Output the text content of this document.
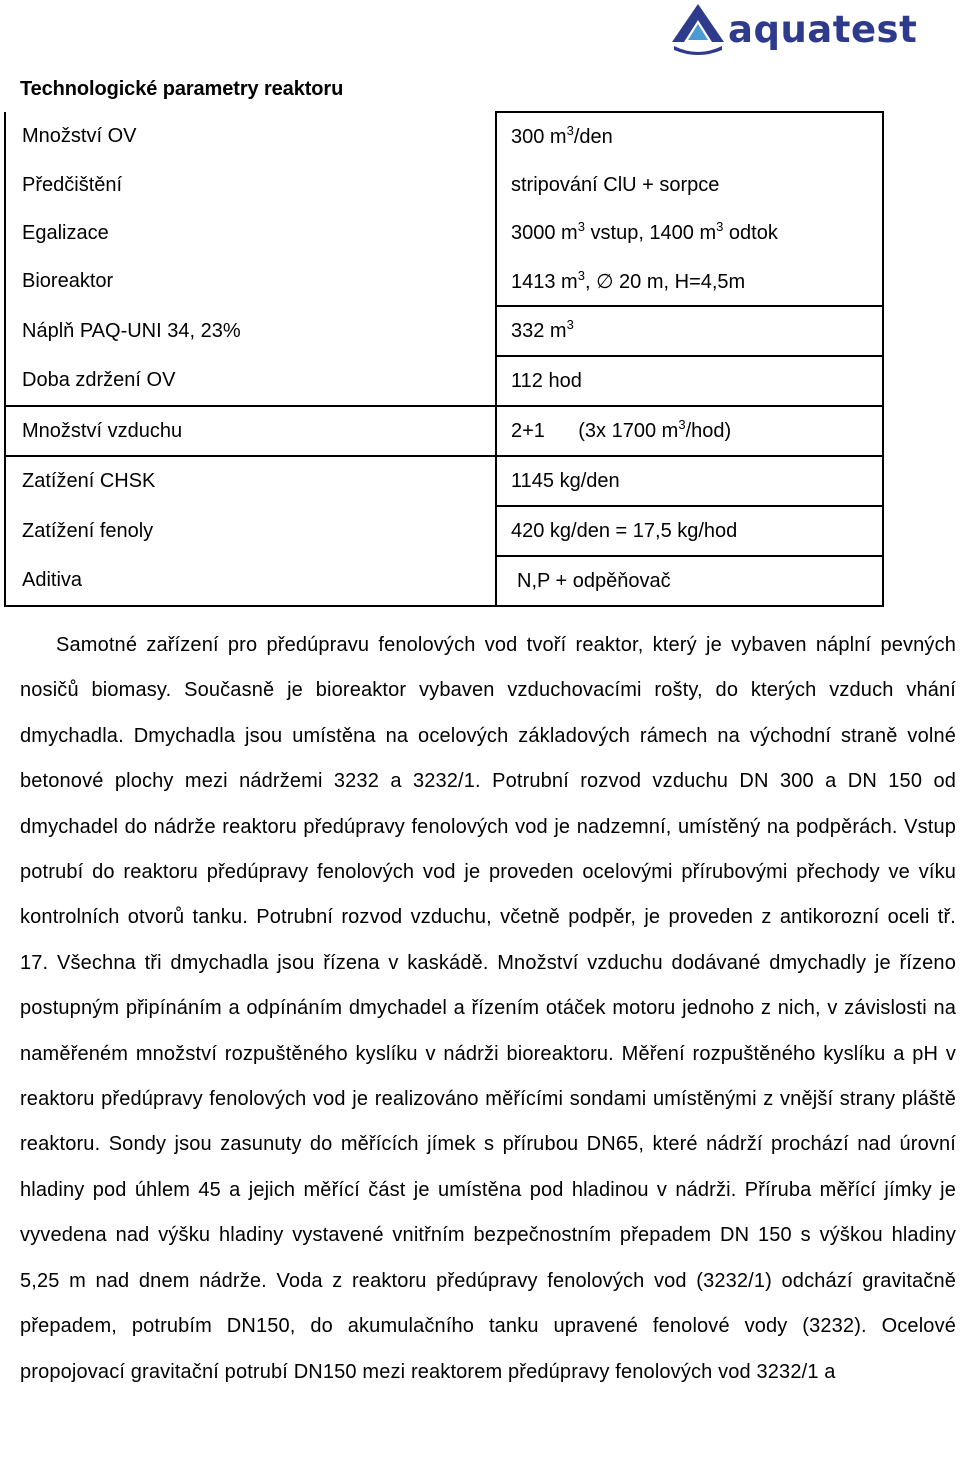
aquatest
Technologické parametry reaktoru
Množství OV	300 $m^3$/den
Předčištění	stripování ClU + sorpce
Egalizace	3000 $m^3$ vstup, 1400 $m^3$ odtok
Bioreaktor	1413 $m^3$, ∅ 20 m, H=4,5m
Náplň PAQ-UNI 34, 23%	332 $m^3$
Doba zdržení OV	112 hod
Množství vzduchu	2+1      (3x 1700 $m^3/hod$)
Zatížení CHSK	1145 kg/den
Zatížení fenoly	420 kg/den = 17,5 kg/hod
Aditiva	N,P + odpěňovač
Samotné zařízení pro předúpravu fenolových vod tvoří reaktor, který je vybaven náplní pevných nosičů biomasy. Současně je bioreaktor vybaven vzduchovacími rošty, do kterých vzduch vhání dmychadla. Dmychadla jsou umístěna na ocelových základových rámech na východní straně volné betonové plochy mezi nádržemi 3232 a 3232/1. Potrubní rozvod vzduchu DN 300 a DN 150 od dmychadel do nádrže reaktoru předúpravy fenolových vod je nadzemní, umístěný na podpěrách. Vstup potrubí do reaktoru předúpravy fenolových vod je proveden ocelovými přírubovými přechody ve víku kontrolních otvorů tanku. Potrubní rozvod vzduchu, včetně podpěr, je proveden z antikorozní oceli tř. 17. Všechna tři dmychadla jsou řízena v kaskádě. Množství vzduchu dodávané dmychadly je řízeno postupným připínáním a odpínáním dmychadel a řízením otáček motoru jednoho z nich, v závislosti na naměřeném množství rozpuštěného kyslíku v nádrži bioreaktoru. Měření rozpuštěného kyslíku a pH v reaktoru předúpravy fenolových vod je realizováno měřícími sondami umístěnými z vnější strany pláště reaktoru. Sondy jsou zasunuty do měřících jímek s přírubou DN65, které nádrží prochází nad úrovní hladiny pod úhlem 45 a jejich měřící část je umístěna pod hladinou v nádrži. Příruba měřící jímky je vyvedena nad výšku hladiny vystavené vnitřním bezpečnostním přepadem DN 150 s výškou hladiny 5,25 m nad dnem nádrže. Voda z reaktoru předúpravy fenolových vod (3232/1) odchází gravitačně přepadem, potrubím DN150, do akumulačního tanku upravené fenolové vody (3232). Ocelové propojovací gravitační potrubí DN150 mezi reaktorem předúpravy fenolových vod 3232/1 a
